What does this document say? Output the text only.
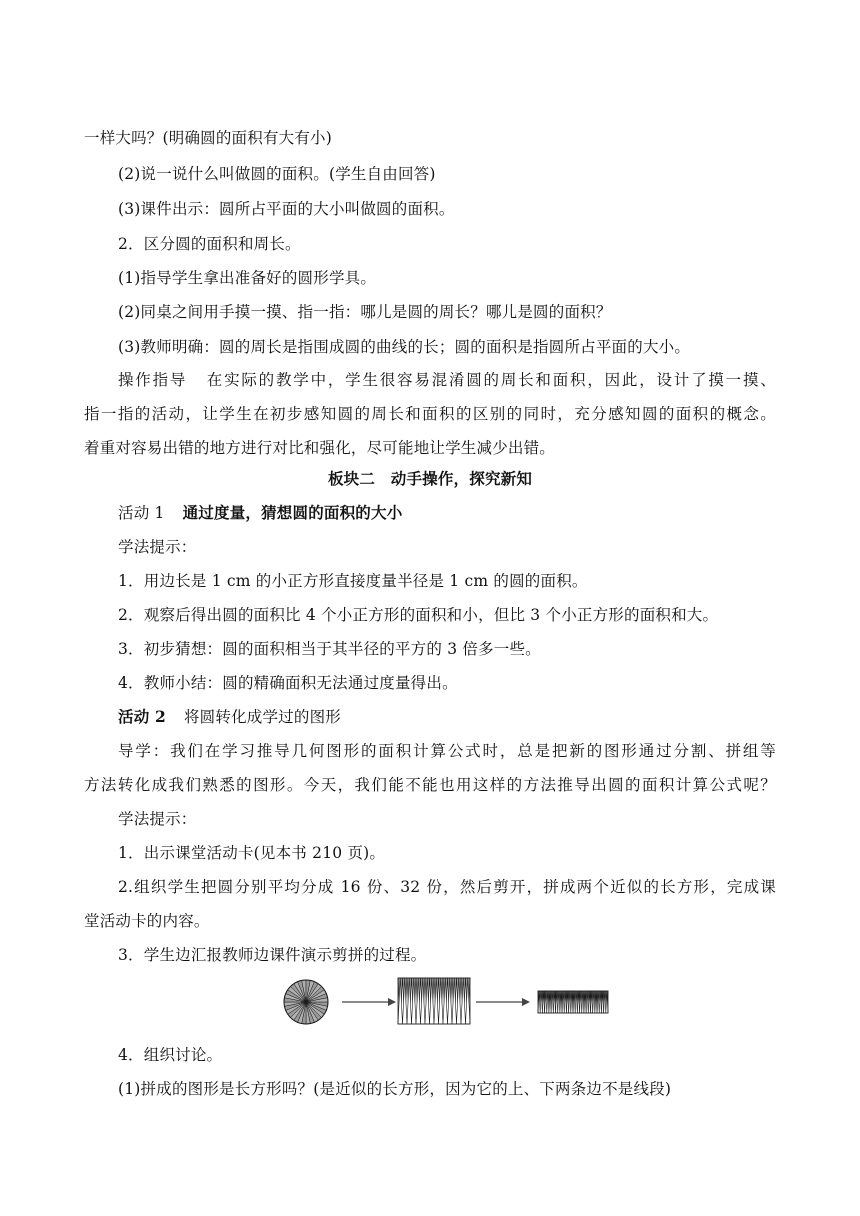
一样大吗？(明确圆的面积有大有小)
(2)说一说什么叫做圆的面积。(学生自由回答)
(3)课件出示：圆所占平面的大小叫做圆的面积。
2．区分圆的面积和周长。
(1)指导学生拿出准备好的圆形学具。
(2)同桌之间用手摸一摸、指一指：哪儿是圆的周长？哪儿是圆的面积？
(3)教师明确：圆的周长是指围成圆的曲线的长；圆的面积是指圆所占平面的大小。
操作指导 在实际的教学中，学生很容易混淆圆的周长和面积，因此，设计了摸一摸、
指一指的活动，让学生在初步感知圆的周长和面积的区别的同时，充分感知圆的面积的概念。
着重对容易出错的地方进行对比和强化，尽可能地让学生减少出错。
板块二　动手操作，探究新知
活动 1 通过度量，猜想圆的面积的大小
学法提示：
1．用边长是 1 cm 的小正方形直接度量半径是 1 cm 的圆的面积。
2．观察后得出圆的面积比 4 个小正方形的面积和小，但比 3 个小正方形的面积和大。
3．初步猜想：圆的面积相当于其半径的平方的 3 倍多一些。
4．教师小结：圆的精确面积无法通过度量得出。
活动 2 将圆转化成学过的图形
导学：我们在学习推导几何图形的面积计算公式时，总是把新的图形通过分割、拼组等
方法转化成我们熟悉的图形。今天，我们能不能也用这样的方法推导出圆的面积计算公式呢？
学法提示：
1．出示课堂活动卡(见本书 210 页)。
2.组织学生把圆分别平均分成 16 份、32 份，然后剪开，拼成两个近似的长方形，完成课
堂活动卡的内容。
3．学生边汇报教师边课件演示剪拼的过程。
4．组织讨论。
(1)拼成的图形是长方形吗？(是近似的长方形，因为它的上、下两条边不是线段)
